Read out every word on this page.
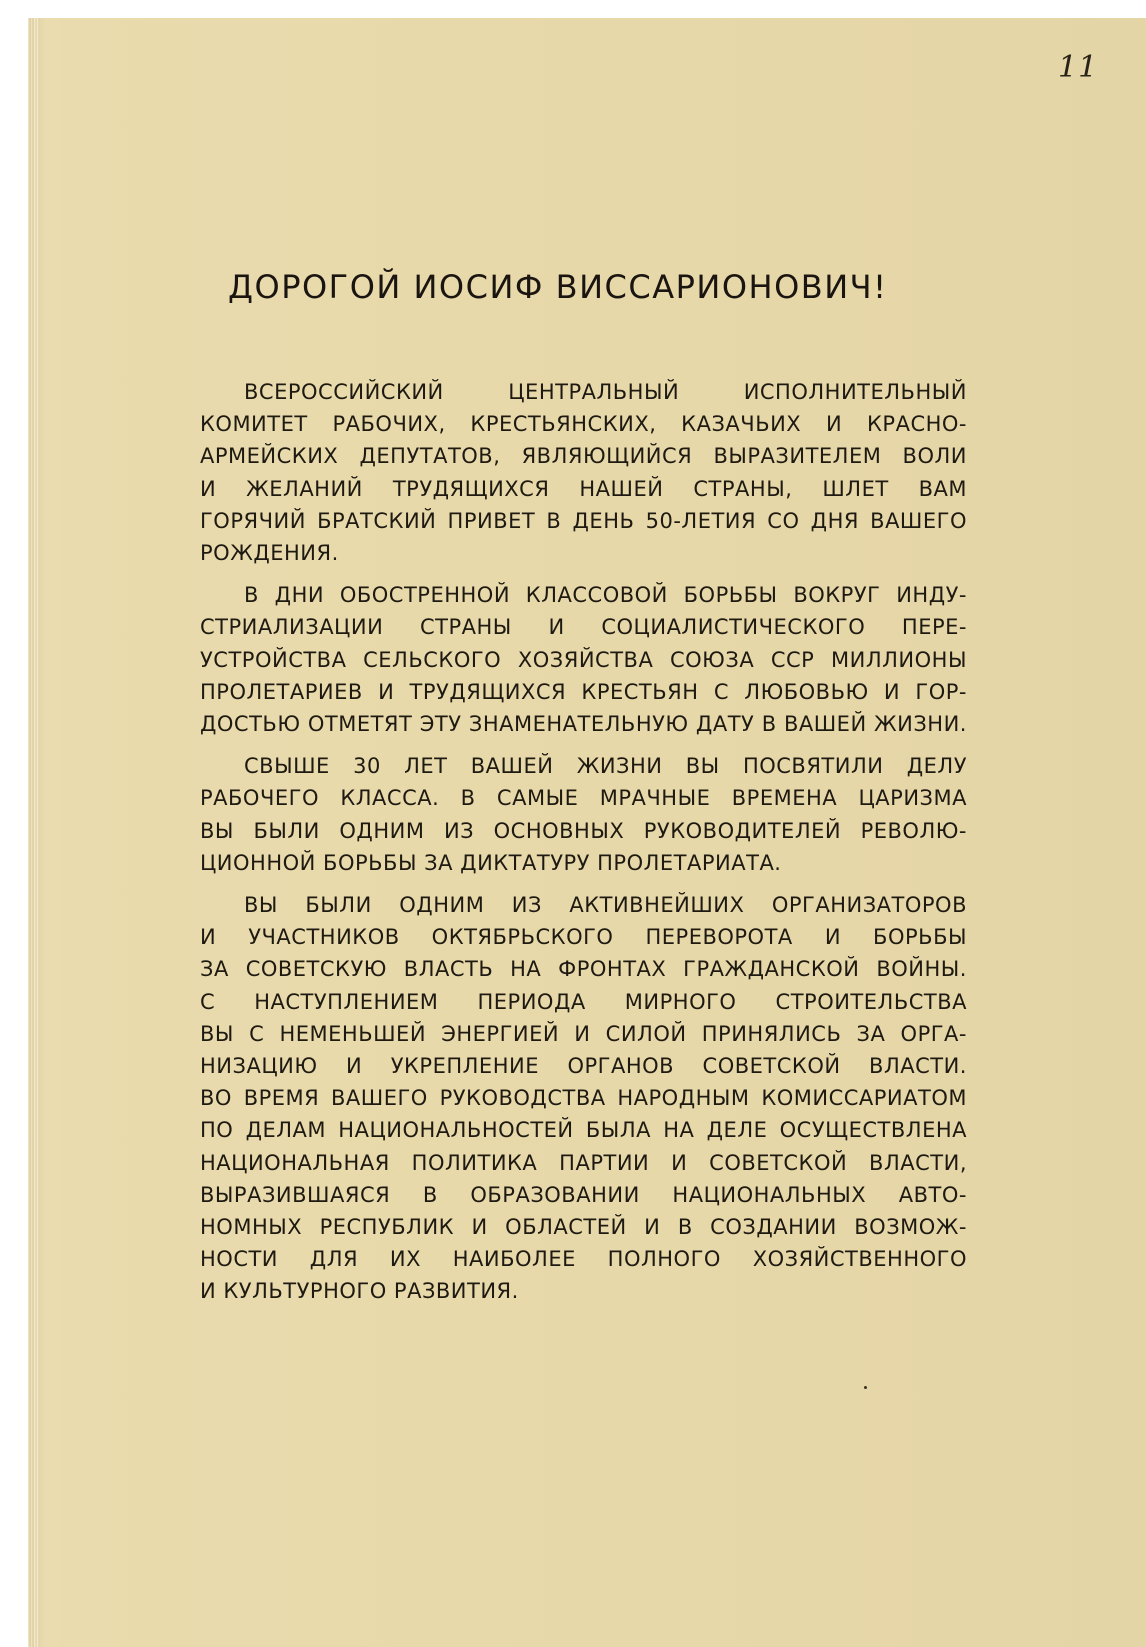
11
ДОРОГОЙ ИОСИФ ВИССАРИОНОВИЧ!
ВСЕРОССИЙСКИЙ ЦЕНТРАЛЬНЫЙ ИСПОЛНИТЕЛЬНЫЙ
КОМИТЕТ РАБОЧИХ, КРЕСТЬЯНСКИХ, КАЗАЧЬИХ И КРАСНО-
АРМЕЙСКИХ ДЕПУТАТОВ, ЯВЛЯЮЩИЙСЯ ВЫРАЗИТЕЛЕМ ВОЛИ
И ЖЕЛАНИЙ ТРУДЯЩИХСЯ НАШЕЙ СТРАНЫ, ШЛЕТ ВАМ
ГОРЯЧИЙ БРАТСКИЙ ПРИВЕТ В ДЕНЬ 50-ЛЕТИЯ СО ДНЯ ВАШЕГО
РОЖДЕНИЯ.
В ДНИ ОБОСТРЕННОЙ КЛАССОВОЙ БОРЬБЫ ВОКРУГ ИНДУ-
СТРИАЛИЗАЦИИ СТРАНЫ И СОЦИАЛИСТИЧЕСКОГО ПЕРЕ-
УСТРОЙСТВА СЕЛЬСКОГО ХОЗЯЙСТВА СОЮЗА ССР МИЛЛИОНЫ
ПРОЛЕТАРИЕВ И ТРУДЯЩИХСЯ КРЕСТЬЯН С ЛЮБОВЬЮ И ГОР-
ДОСТЬЮ ОТМЕТЯТ ЭТУ ЗНАМЕНАТЕЛЬНУЮ ДАТУ В ВАШЕЙ ЖИЗНИ.
СВЫШЕ 30 ЛЕТ ВАШЕЙ ЖИЗНИ ВЫ ПОСВЯТИЛИ ДЕЛУ
РАБОЧЕГО КЛАССА. В САМЫЕ МРАЧНЫЕ ВРЕМЕНА ЦАРИЗМА
ВЫ БЫЛИ ОДНИМ ИЗ ОСНОВНЫХ РУКОВОДИТЕЛЕЙ РЕВОЛЮ-
ЦИОННОЙ БОРЬБЫ ЗА ДИКТАТУРУ ПРОЛЕТАРИАТА.
ВЫ БЫЛИ ОДНИМ ИЗ АКТИВНЕЙШИХ ОРГАНИЗАТОРОВ
И УЧАСТНИКОВ ОКТЯБРЬСКОГО ПЕРЕВОРОТА И БОРЬБЫ
ЗА СОВЕТСКУЮ ВЛАСТЬ НА ФРОНТАХ ГРАЖДАНСКОЙ ВОЙНЫ.
С НАСТУПЛЕНИЕМ ПЕРИОДА МИРНОГО СТРОИТЕЛЬСТВА
ВЫ С НЕМЕНЬШЕЙ ЭНЕРГИЕЙ И СИЛОЙ ПРИНЯЛИСЬ ЗА ОРГА-
НИЗАЦИЮ И УКРЕПЛЕНИЕ ОРГАНОВ СОВЕТСКОЙ ВЛАСТИ.
ВО ВРЕМЯ ВАШЕГО РУКОВОДСТВА НАРОДНЫМ КОМИССАРИАТОМ
ПО ДЕЛАМ НАЦИОНАЛЬНОСТЕЙ БЫЛА НА ДЕЛЕ ОСУЩЕСТВЛЕНА
НАЦИОНАЛЬНАЯ ПОЛИТИКА ПАРТИИ И СОВЕТСКОЙ ВЛАСТИ,
ВЫРАЗИВШАЯСЯ В ОБРАЗОВАНИИ НАЦИОНАЛЬНЫХ АВТО-
НОМНЫХ РЕСПУБЛИК И ОБЛАСТЕЙ И В СОЗДАНИИ ВОЗМОЖ-
НОСТИ ДЛЯ ИХ НАИБОЛЕЕ ПОЛНОГО ХОЗЯЙСТВЕННОГО
И КУЛЬТУРНОГО РАЗВИТИЯ.
